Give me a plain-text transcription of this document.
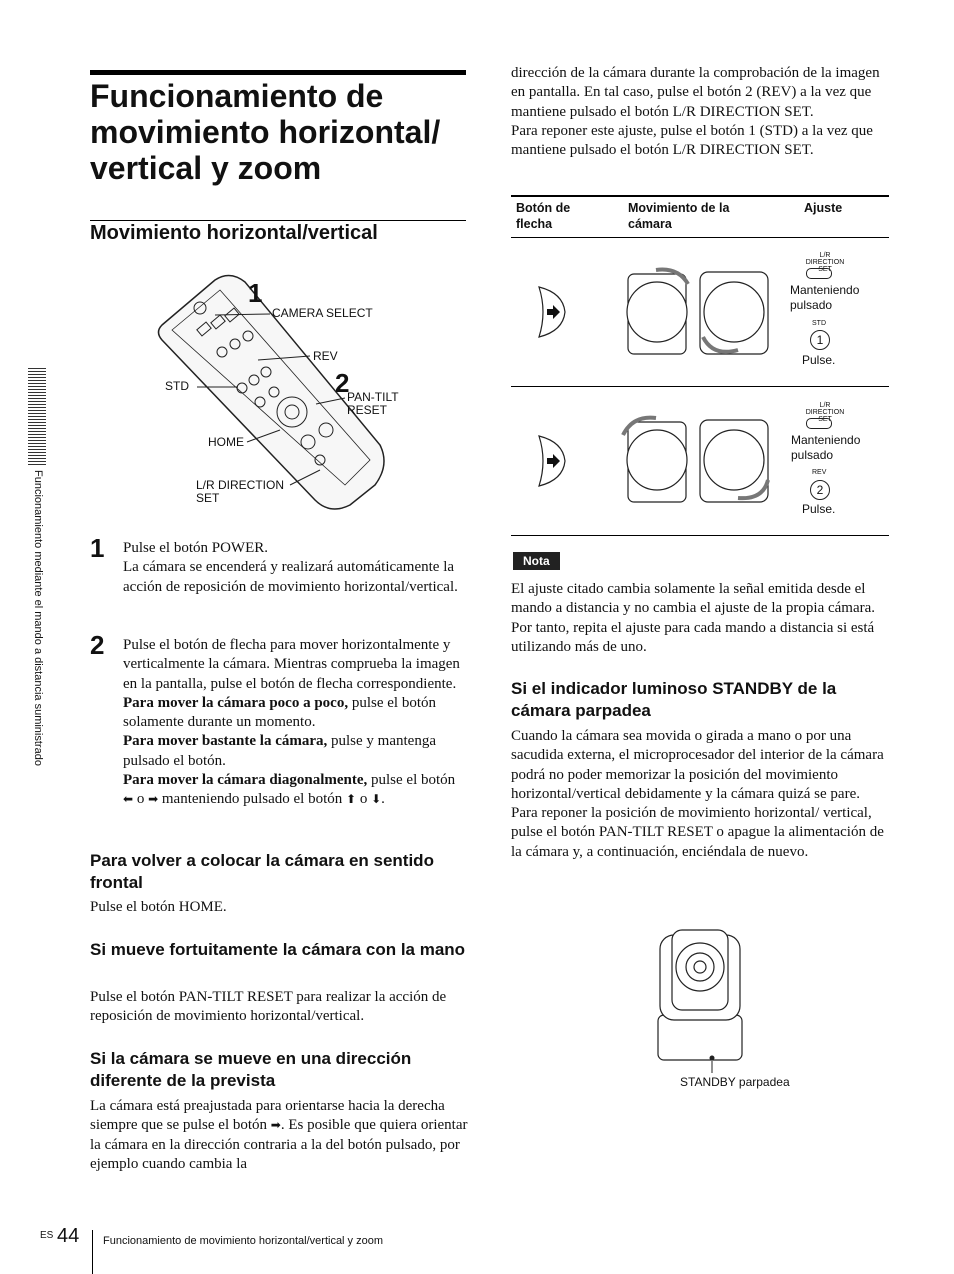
Funcionamiento de movimiento horizontal/ vertical y zoom
Movimiento horizontal/vertical
1
2
CAMERA SELECT
REV
STD
PAN-TILT RESET
HOME
L/R DIRECTION SET
1 Pulse el botón POWER.
La cámara se encenderá y realizará automáticamente la acción de reposición de movimiento horizontal/vertical.
2 Pulse el botón de flecha para mover horizontalmente y verticalmente la cámara. Mientras comprueba la imagen en la pantalla, pulse el botón de flecha correspondiente.
Para mover la cámara poco a poco, pulse el botón solamente durante un momento.
Para mover bastante la cámara, pulse y mantenga pulsado el botón.
Para mover la cámara diagonalmente, pulse el botón ⬅ o ➡ manteniendo pulsado el botón ⬆ o ⬇.
Para volver a colocar la cámara en sentido frontal
Pulse el botón HOME.
Si mueve fortuitamente la cámara con la mano
Pulse el botón PAN-TILT RESET para realizar la acción de reposición de movimiento horizontal/vertical.
Si la cámara se mueve en una dirección diferente de la prevista
La cámara está preajustada para orientarse hacia la derecha siempre que se pulse el botón ➡. Es posible que quiera orientar la cámara en la dirección contraria a la del botón pulsado, por ejemplo cuando cambia la
dirección de la cámara durante la comprobación de la imagen en pantalla. En tal caso, pulse el botón 2 (REV) a la vez que mantiene pulsado el botón L/R DIRECTION SET.
Para reponer este ajuste, pulse el botón 1 (STD) a la vez que mantiene pulsado el botón L/R DIRECTION SET.
Botón de flecha
Movimiento de la cámara
Ajuste
L/R
DIRECTION SET
Manteniendo pulsado
STD
1
Pulse.
L/R
DIRECTION SET
Manteniendo pulsado
REV
2
Pulse.
Nota
El ajuste citado cambia solamente la señal emitida desde el mando a distancia y no cambia el ajuste de la propia cámara. Por tanto, repita el ajuste para cada mando a distancia si está utilizando más de uno.
Si el indicador luminoso STANDBY de la cámara parpadea
Cuando la cámara sea movida o girada a mano o por una sacudida externa, el microprocesador del interior de la cámara podrá no poder memorizar la posición del movimiento horizontal/vertical debidamente y la cámara quizá se pare.
Para reponer la posición de movimiento horizontal/ vertical, pulse el botón PAN-TILT RESET o apague la alimentación de la cámara y, a continuación, enciéndala de nuevo.
STANDBY parpadea
Funcionamiento mediante el mando a distancia suministrado
ES 44 Funcionamiento de movimiento horizontal/vertical y zoom
